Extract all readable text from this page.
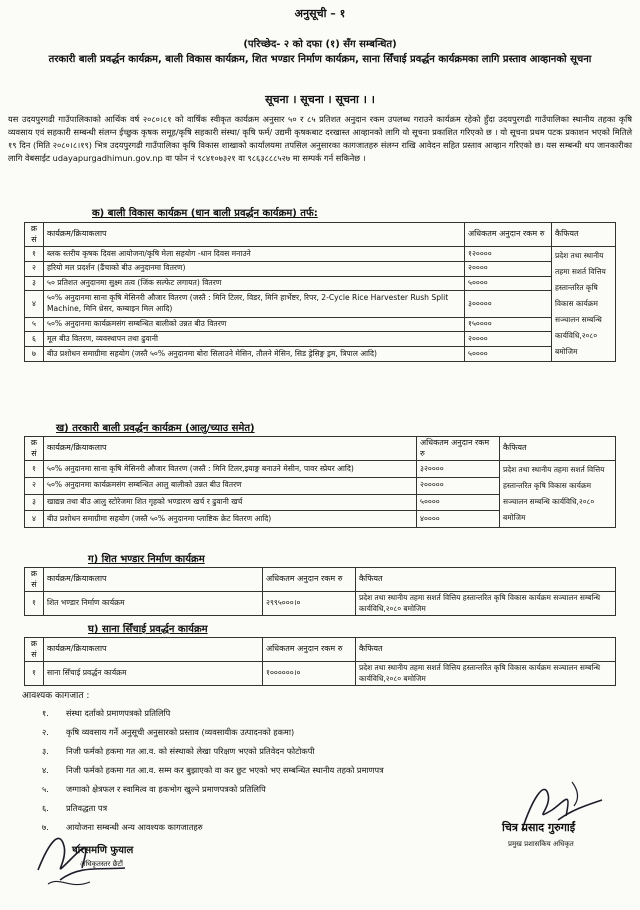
अनुसूची – १
(परिच्छेद- २ को दफा (१) सँग सम्बन्धित)
तरकारी बाली प्रवर्द्धन कार्यक्रम, बाली विकास कार्यक्रम, शित भण्डार निर्माण कार्यक्रम, साना सिँचाई प्रवर्द्धन कार्यक्रमका लागि प्रस्ताव आव्हानको सूचना
सूचना । सूचना । सूचना । ।
यस उदयपुरगढी गाउँपालिकाको आर्थिक वर्ष २०८०।८१ को वार्षिक स्वीकृत कार्यक्रम अनुसार ५० र ८५ प्रतिशत अनुदान रकम उपलब्ध गराउने कार्यक्रम रहेको हुँदा उदयपुरगढी गाउँपालिका स्थानीय तहका कृषि व्यवसाय एवं सहकारी सम्बन्धी संलग्न ईच्छुक कृषक समूह/कृषि सहकारी संस्था/ कृषि फर्म/ उद्यमी कृषकबाट दरखास्त आव्हानको लागि यो सूचना प्रकाशित गरिएको छ । यो सूचना प्रथम पटक प्रकाशन भएको मितिले १९ दिन (मिति २०८०।८।१९) भित्र उदयपुरगढी गाउँपालिका कृषि विकास शाखाको कार्यालयमा तपसिल अनुसारका कागजातहरु संलग्न राखि आवेदन सहित प्रस्ताव आव्हान गरिएको छ। यस सम्बन्धी थप जानकारीका लागि वेबसाईट udayapurgadhimun.gov.np वा फोन नं ९८४१०७३२१ वा ९८६३८८८५२७ मा सम्पर्क गर्न सकिनेछ ।
क) बाली विकास कार्यक्रम (धान बाली प्रवर्द्धन कार्यक्रम) तर्फ:
क्र सं	कार्यक्रम/क्रियाकलाप	अधिकतम अनुदान रकम रु	कैफियत
१	ब्लक स्तरीय कृषक दिवस आयोजना/कृषि मेला सहयोग -धान दिवस मनाउने	१२००००	प्रदेश तथा स्थानीय तहमा सशर्त वित्तिय हस्तान्तरित कृषि विकास कार्यक्रम सञ्चालन सम्बन्धि कार्यविधि,२०८० बमोजिम
२	हरियो मल प्रदर्शन (ढैंचाको बीउ अनुदानमा वितरण)	२००००	
३	५० प्रतिशत अनुदानमा सुक्ष्म तत्व (जिंक सल्फेट लगायत) वितरण	५००००	
४	५०% अनुदानमा साना कृषि मेसिनरी औजार वितरण (जस्तै : मिनि टिलर, विडर, मिनि हार्भेष्टर, रिपर, 2-Cycle Rice Harvester Rush Split Machine, मिनि थ्रेसर, कम्बाइन मिल आदि)	३०००००	
५	५०% अनुदानमा कार्यक्रमसंग सम्बन्धित बालीको उन्नत बीउ वितरण	१५००००	
६	मूल बीउ वितरण, व्यवस्थापन तथा ढुवानी	२००००	
७	बीउ प्रशोधन समाग्रीमा सहयोग (जस्तै ५०% अनुदानमा बोरा सिलाउने मेसिन, तौलने मेसिन, सिड ड्रेसिङ्ग ड्रम, त्रिपाल आदि)	५००००	
ख) तरकारी बाली प्रवर्द्धन कार्यक्रम (आलु/च्याउ समेत)
क्र सं	कार्यक्रम/क्रियाकलाप	अधिकतम अनुदान रकम रु	कैफियत
१	५०% अनुदानमा साना कृषि मेसिनरी औजार वितरण (जस्तै : मिनि टिलर,इयाङ्ग बनाउने मेसीन, पावर स्प्रेयर आदि)	३२००००	प्रदेश तथा स्थानीय तहमा सशर्त वित्तिय हस्तान्तरित कृषि विकास कार्यक्रम सञ्चालन सम्बन्धि कार्यविधि,२०८० बमोजिम
२	५०% अनुदानमा कार्यक्रमसंग सम्बन्धित आलु बालीको उन्नत बीउ वितरण	२०००००	
३	खाद्यन्न तथा बीउ आलु स्टोरेजमा शित गृहको भण्डारण खर्च र ढुवानी खर्च	५००००	
४	बीउ प्रशोधन समाग्रीमा सहयोग (जस्तै ५०% अनुदानमा प्लाष्टिक क्रेट वितरण आदि)	४००००	
ग) शित भण्डार निर्माण कार्यक्रम
क्र सं	कार्यक्रम/क्रियाकलाप	अधिकतम अनुदान रकम रु	कैफियत
१	शित भण्डार निर्माण कार्यक्रम	२९९५०००।०	प्रदेश तथा स्थानीय तहमा सशर्त वित्तिय हस्तान्तरित कृषि विकास कार्यक्रम सञ्चालन सम्बन्धि कार्यविधि,२०८० बमोजिम
घ) साना सिँचाई प्रवर्द्धन कार्यक्रम
क्र सं	कार्यक्रम/क्रियाकलाप	अधिकतम अनुदान रकम रु	कैफियत
१	साना सिँचाई प्रवर्द्धन कार्यक्रम	१००००००।०	प्रदेश तथा स्थानीय तहमा सशर्त वित्तिय हस्तान्तरित कृषि विकास कार्यक्रम सञ्चालन सम्बन्धि कार्यविधि,२०८० बमोजिम
आवश्यक कागजात :
१. संस्था दर्ताको प्रमाणपत्रको प्रतिलिपि
२. कृषि व्यवसाय गर्ने अनुसूची अनुसारको प्रस्ताव (व्यवसायीक उत्पादनको हकमा)
३. निजी फर्मको हकमा गत आ.व. को संस्थाको लेखा परिक्षण भएको प्रतिवेदन फोटोकपी
४. निजी फर्मको हकमा गत आ.व. सम्म कर बुझाएको वा कर छुट भएको भए सम्बन्धित स्थानीय तहको प्रमाणपत्र
५. जग्गाको क्षेत्रफल र स्वामित्व वा हकभोग खुल्ने प्रमाणपत्रको प्रतिलिपि
६. प्रतिवद्धता पत्र
७. आयोजना सम्बन्धी अन्य आवश्यक कागजातहरु
पारसमणि फुयाल
अधिकृतस्तर छैटौं
चित्र प्रसाद गुरुगाईं
प्रमुख प्रशासकिय अधिकृत
